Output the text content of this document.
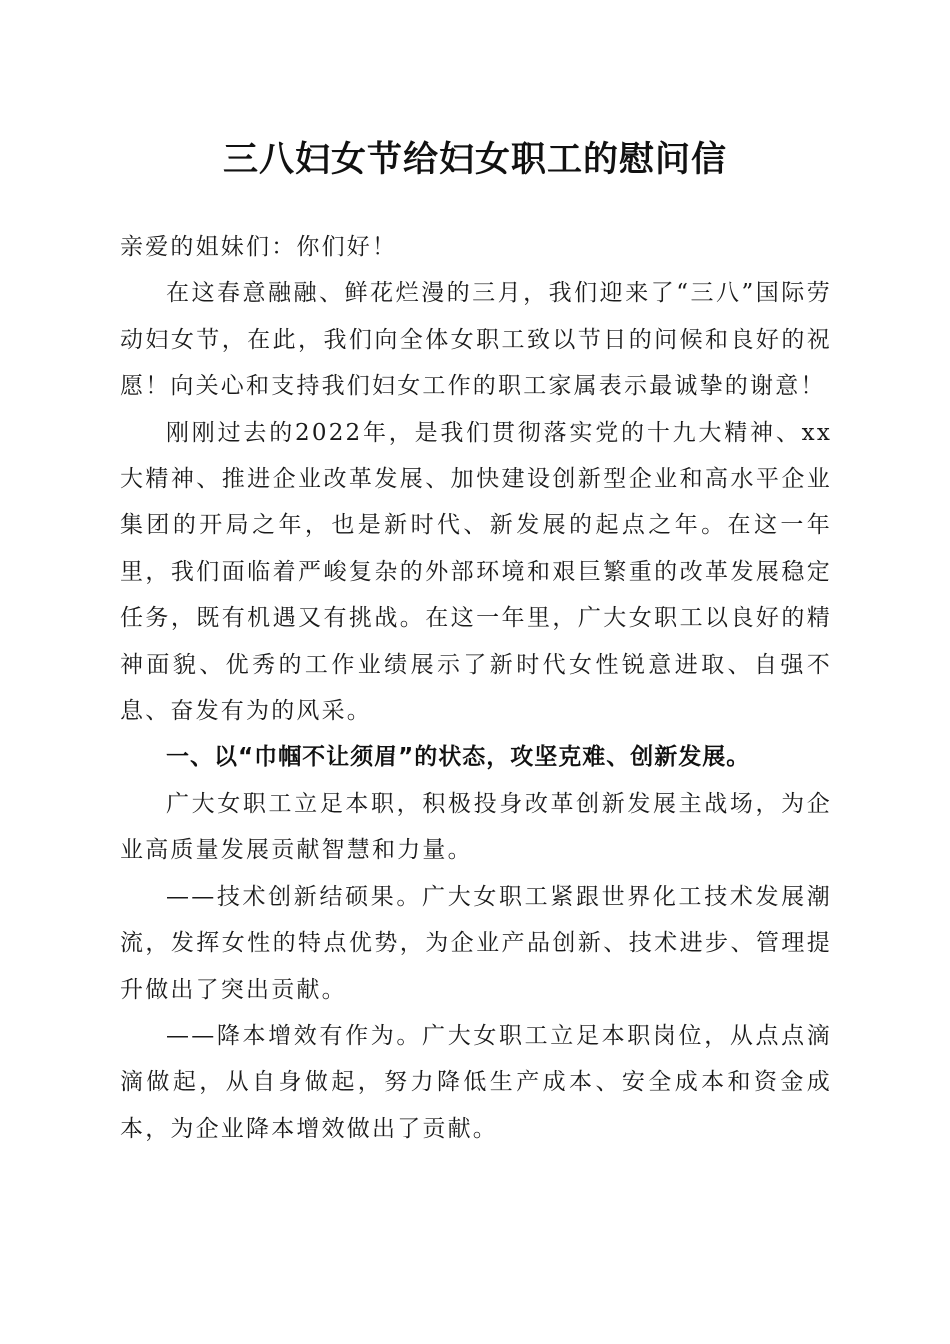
三八妇女节给妇女职工的慰问信

亲爱的姐妹们：你们好！

在这春意融融、鲜花烂漫的三月，我们迎来了“三八”国际劳动妇女节，在此，我们向全体女职工致以节日的问候和良好的祝愿！向关心和支持我们妇女工作的职工家属表示最诚挚的谢意！

刚刚过去的2022年，是我们贯彻落实党的十九大精神、xx大精神、推进企业改革发展、加快建设创新型企业和高水平企业集团的开局之年，也是新时代、新发展的起点之年。在这一年里，我们面临着严峻复杂的外部环境和艰巨繁重的改革发展稳定任务，既有机遇又有挑战。在这一年里，广大女职工以良好的精神面貌、优秀的工作业绩展示了新时代女性锐意进取、自强不息、奋发有为的风采。

一、以“巾帼不让须眉”的状态，攻坚克难、创新发展。

广大女职工立足本职，积极投身改革创新发展主战场，为企业高质量发展贡献智慧和力量。

——技术创新结硕果。广大女职工紧跟世界化工技术发展潮流，发挥女性的特点优势，为企业产品创新、技术进步、管理提升做出了突出贡献。

——降本增效有作为。广大女职工立足本职岗位，从点点滴滴做起，从自身做起，努力降低生产成本、安全成本和资金成本，为企业降本增效做出了贡献。
